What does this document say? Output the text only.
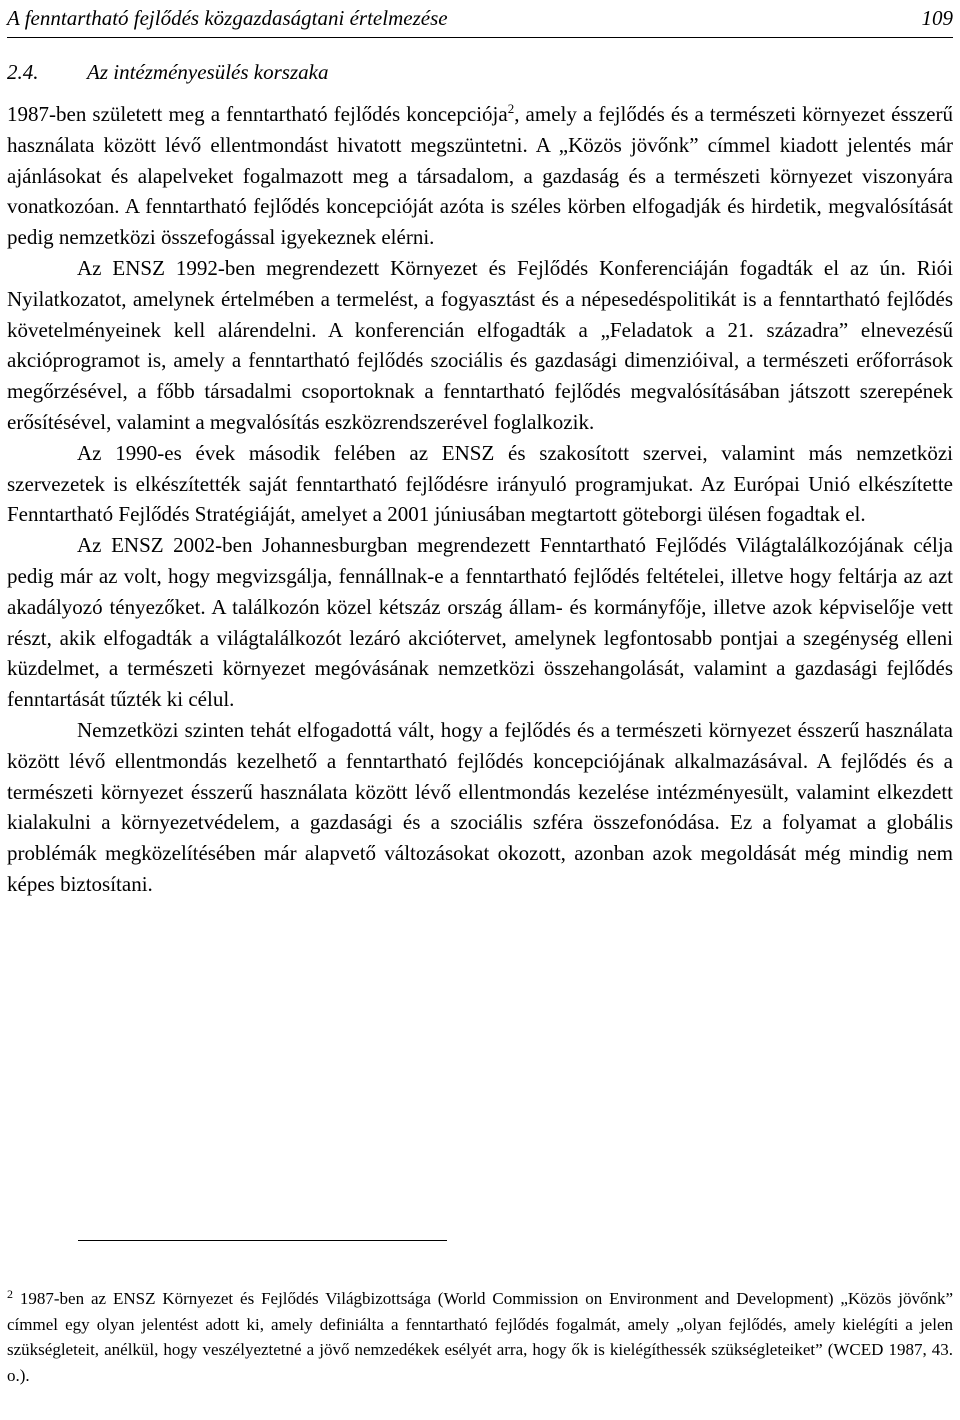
A fenntartható fejlődés közgazdaságtani értelmezése	109
2.4. Az intézményesülés korszaka

1987-ben született meg a fenntartható fejlődés koncepciója$^2$, amely a fejlődés és a természeti környezet ésszerű használata között lévő ellentmondást hivatott megszüntetni. A „Közös jövőnk” címmel kiadott jelentés már ajánlásokat és alapelveket fogalmazott meg a társadalom, a gazdaság és a természeti környezet viszonyára vonatkozóan. A fenntartható fejlődés koncepcióját azóta is széles körben elfogadják és hirdetik, megvalósítását pedig nemzetközi összefogással igyekeznek elérni.

Az ENSZ 1992-ben megrendezett Környezet és Fejlődés Konferenciáján fogadták el az ún. Riói Nyilatkozatot, amelynek értelmében a termelést, a fogyasztást és a népesedéspolitikát is a fenntartható fejlődés követelményeinek kell alárendelni. A konferencián elfogadták a „Feladatok a 21. századra” elnevezésű akcióprogramot is, amely a fenntartható fejlődés szociális és gazdasági dimenzióival, a természeti erőforrások megőrzésével, a főbb társadalmi csoportoknak a fenntartható fejlődés megvalósításában játszott szerepének erősítésével, valamint a megvalósítás eszközrendszerével foglalkozik.

Az 1990-es évek második felében az ENSZ és szakosított szervei, valamint más nemzetközi szervezetek is elkészítették saját fenntartható fejlődésre irányuló programjukat. Az Európai Unió elkészítette Fenntartható Fejlődés Stratégiáját, amelyet a 2001 júniusában megtartott göteborgi ülésen fogadtak el.

Az ENSZ 2002-ben Johannesburgban megrendezett Fenntartható Fejlődés Világtalálkozójának célja pedig már az volt, hogy megvizsgálja, fennállnak-e a fenntartható fejlődés feltételei, illetve hogy feltárja az azt akadályozó tényezőket. A találkozón közel kétszáz ország állam- és kormányfője, illetve azok képviselője vett részt, akik elfogadták a világtalálkozót lezáró akciótervet, amelynek legfontosabb pontjai a szegénység elleni küzdelmet, a természeti környezet megóvásának nemzetközi összehangolását, valamint a gazdasági fejlődés fenntartását tűzték ki célul.

Nemzetközi szinten tehát elfogadottá vált, hogy a fejlődés és a természeti környezet ésszerű használata között lévő ellentmondás kezelhető a fenntartható fejlődés koncepciójának alkalmazásával. A fejlődés és a természeti környezet ésszerű használata között lévő ellentmondás kezelése intézményesült, valamint elkezdett kialakulni a környezetvédelem, a gazdasági és a szociális szféra összefonódása. Ez a folyamat a globális problémák megközelítésében már alapvető változásokat okozott, azonban azok megoldását még mindig nem képes biztosítani.

$^2$ 1987-ben az ENSZ Környezet és Fejlődés Világbizottsága (World Commission on Environment and Development) „Közös jövőnk” címmel egy olyan jelentést adott ki, amely definiálta a fenntartható fejlődés fogalmát, amely „olyan fejlődés, amely kielégíti a jelen szükségleteit, anélkül, hogy veszélyeztetné a jövő nemzedékek esélyét arra, hogy ők is kielégíthessék szükségleteiket” (WCED 1987, 43. o.).
